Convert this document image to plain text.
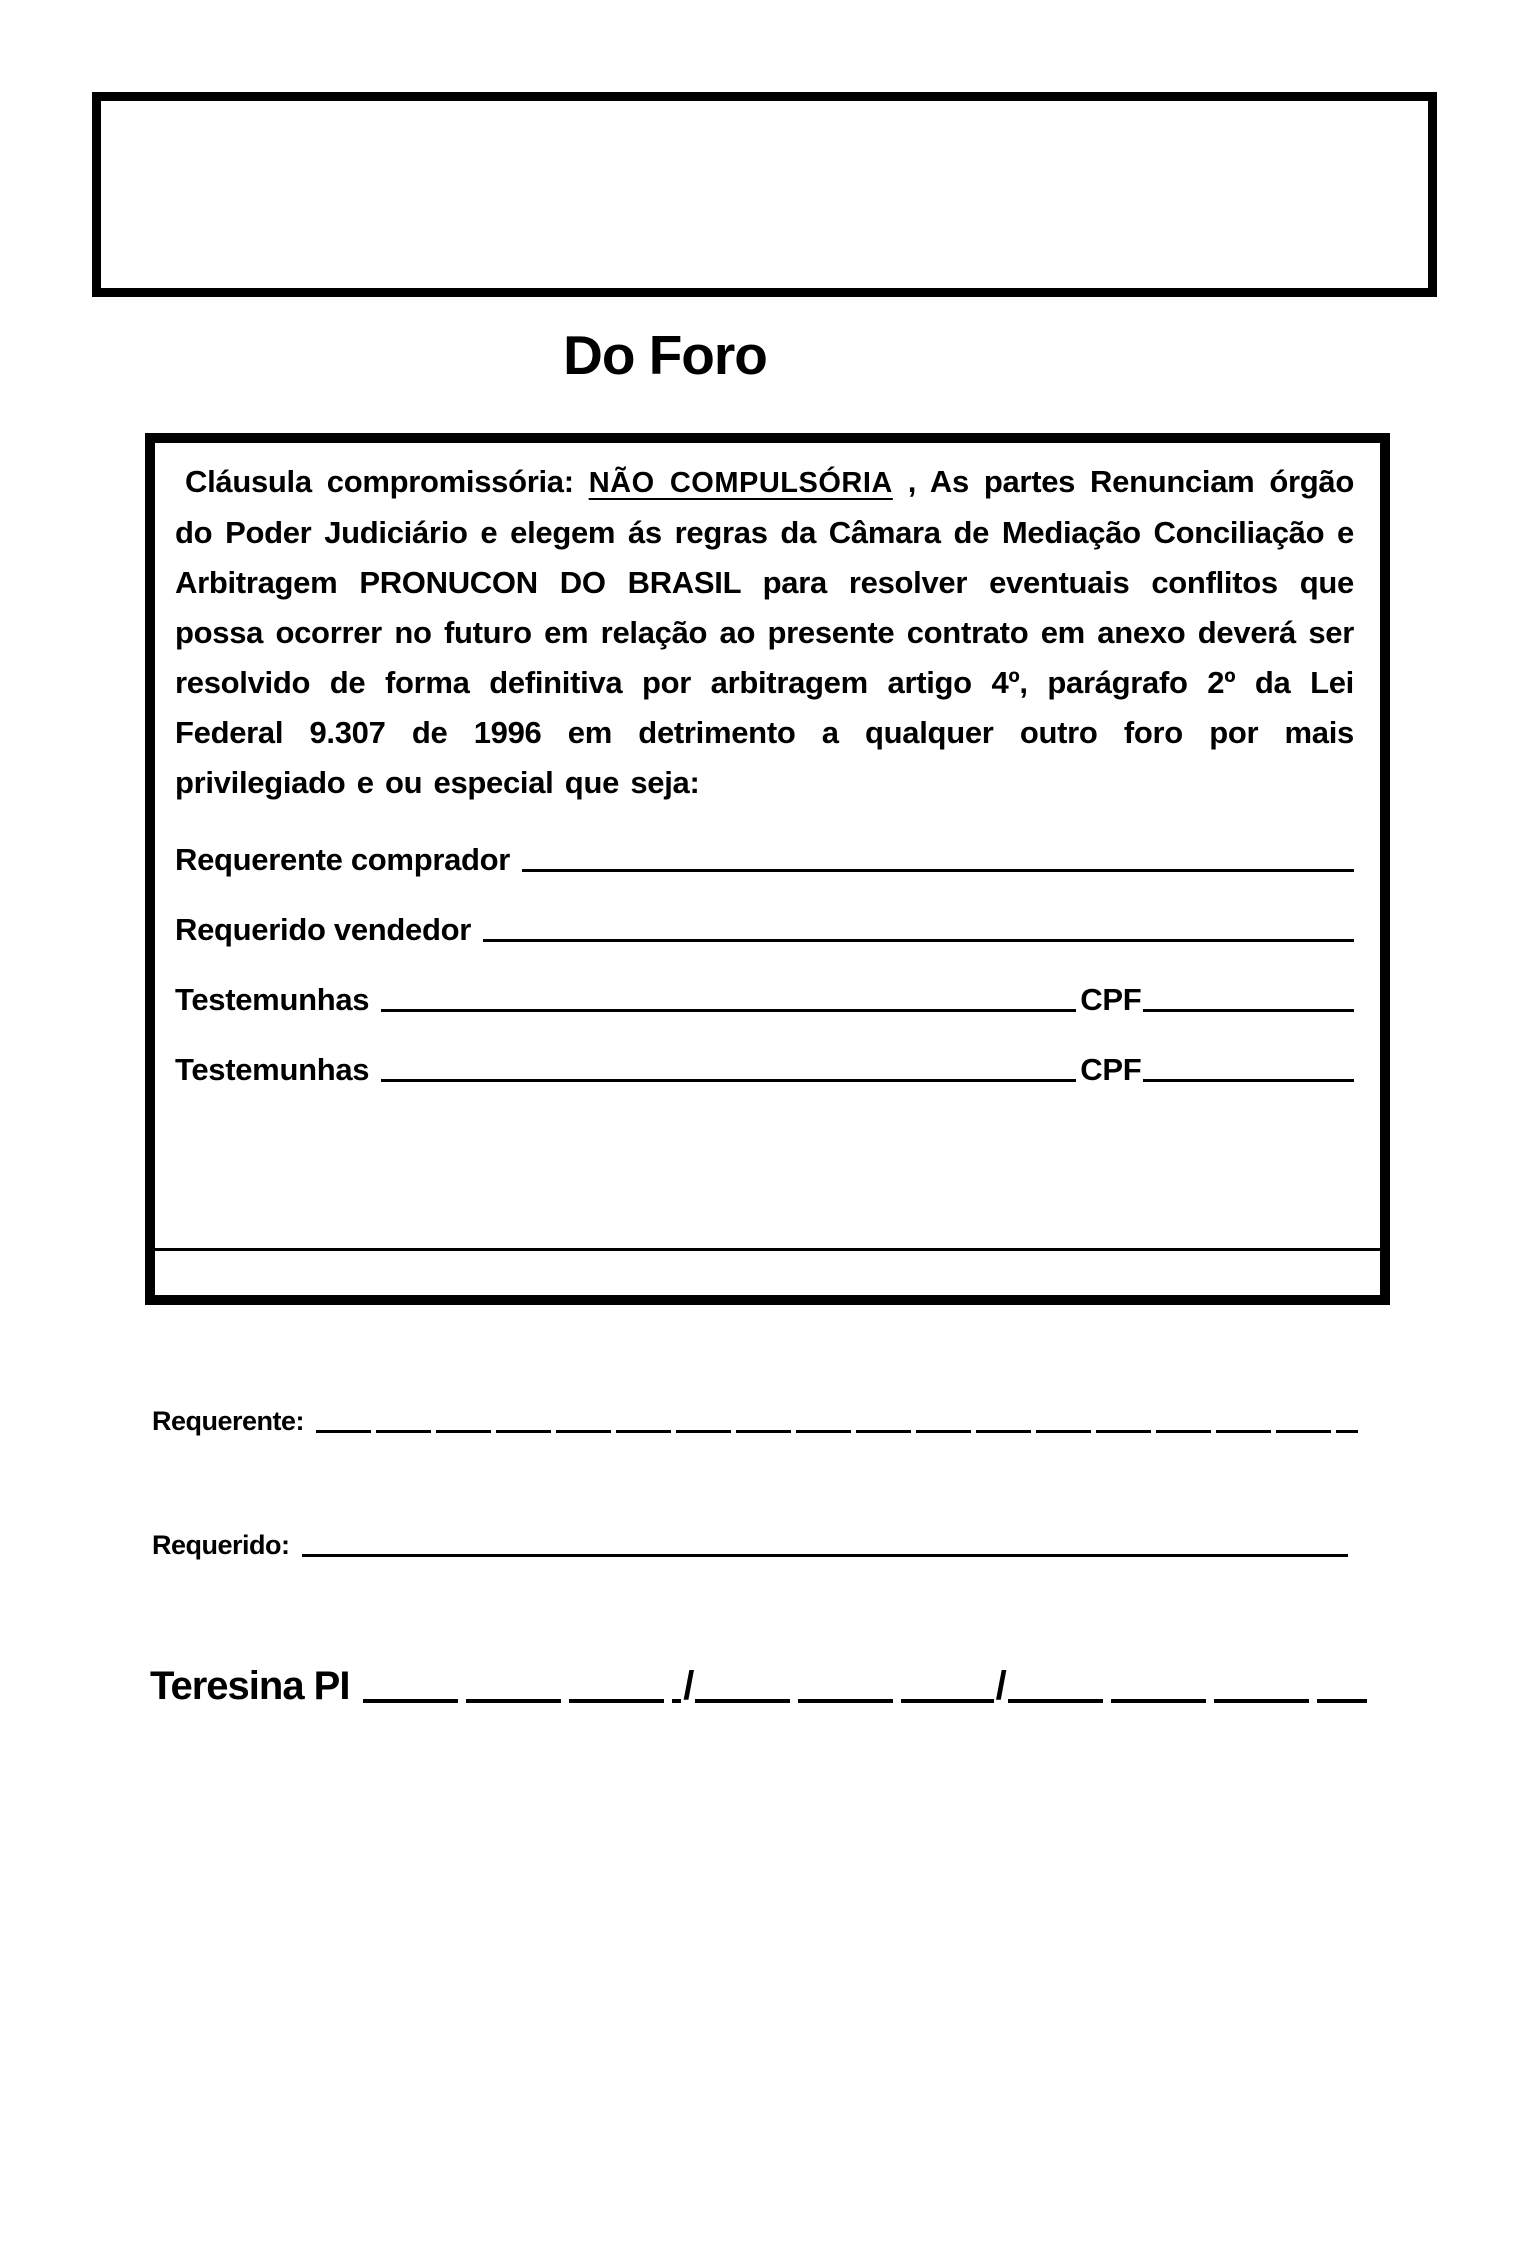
Do Foro

Cláusula compromissória: NÃO COMPULSÓRIA , As partes Renunciam órgão do Poder Judiciário e elegem ás regras da Câmara de Mediação Conciliação e Arbitragem PRONUCON DO BRASIL para resolver eventuais conflitos que possa ocorrer no futuro em relação ao presente contrato em anexo deverá ser resolvido de forma definitiva por arbitragem artigo 4º, parágrafo 2º da Lei Federal 9.307 de 1996 em detrimento a qualquer outro foro por mais privilegiado e ou especial que seja:

Requerente comprador
Requerido vendedor
Testemunhas	CPF
Testemunhas	CPF
Requerente:
Requerido:
Teresina PI	/	/
